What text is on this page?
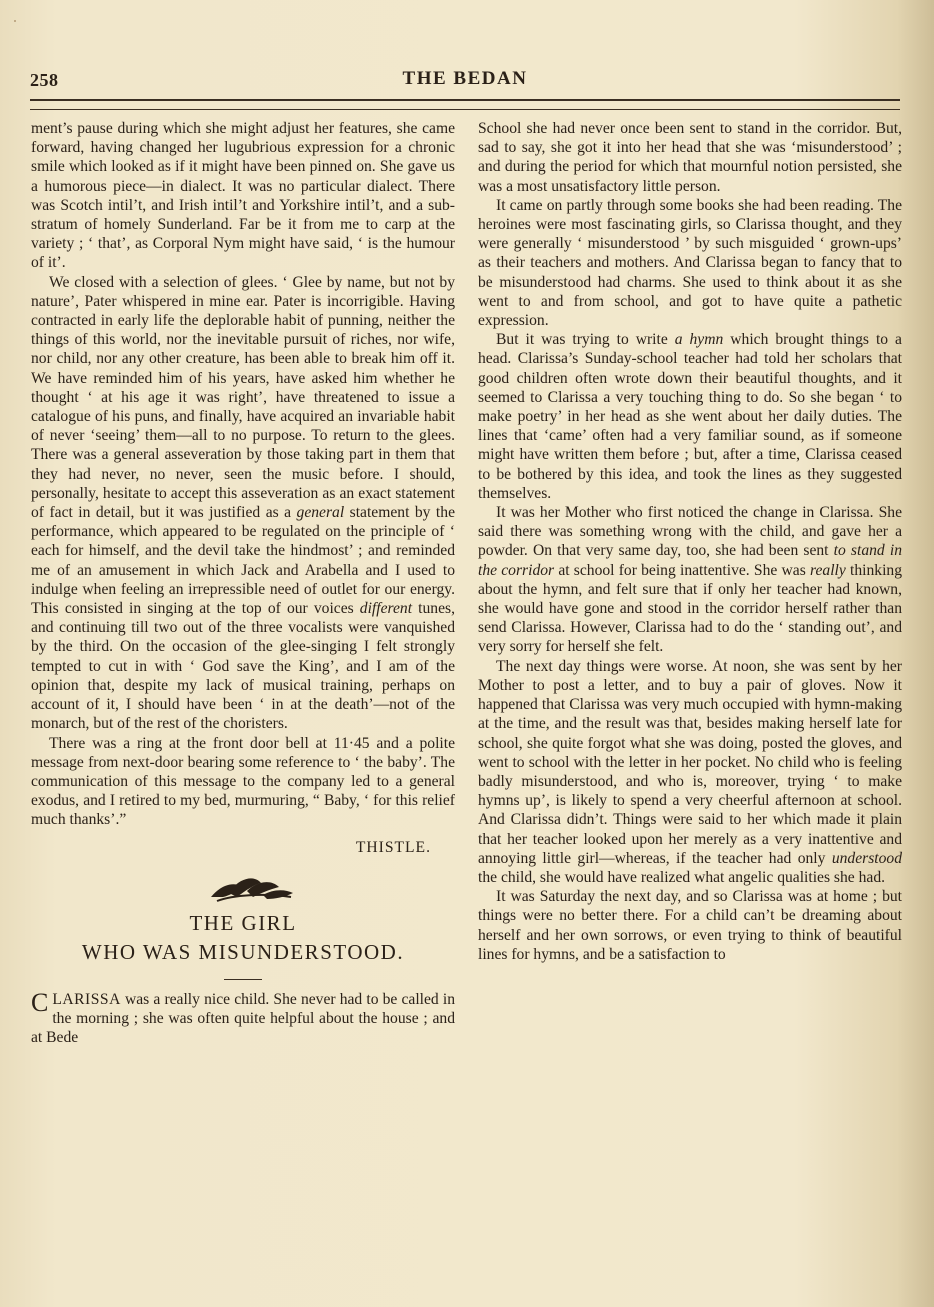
258	THE BEDAN

ment’s pause during which she might adjust her features, she came forward, having changed her lugubrious expression for a chronic smile which looked as if it might have been pinned on. She gave us a humorous piece—in dialect. It was no particular dialect. There was Scotch intil’t, and Irish intil’t and Yorkshire intil’t, and a substratum of homely Sunderland. Far be it from me to carp at the variety ; ‘ that’, as Corporal Nym might have said, ‘ is the humour of it’.

We closed with a selection of glees. ‘ Glee by name, but not by nature’, Pater whispered in mine ear. Pater is incorrigible. Having contracted in early life the deplorable habit of punning, neither the things of this world, nor the inevitable pursuit of riches, nor wife, nor child, nor any other creature, has been able to break him off it. We have reminded him of his years, have asked him whether he thought ‘ at his age it was right’, have threatened to issue a catalogue of his puns, and finally, have acquired an invariable habit of never ‘seeing’ them—all to no purpose. To return to the glees. There was a general asseveration by those taking part in them that they had never, no never, seen the music before. I should, personally, hesitate to accept this asseveration as an exact statement of fact in detail, but it was justified as a general statement by the performance, which appeared to be regulated on the principle of ‘ each for himself, and the devil take the hindmost’ ; and reminded me of an amusement in which Jack and Arabella and I used to indulge when feeling an irrepressible need of outlet for our energy. This consisted in singing at the top of our voices different tunes, and continuing till two out of the three vocalists were vanquished by the third. On the occasion of the glee-singing I felt strongly tempted to cut in with ‘ God save the King’, and I am of the opinion that, despite my lack of musical training, perhaps on account of it, I should have been ‘ in at the death’—not of the monarch, but of the rest of the choristers.

There was a ring at the front door bell at 11·45 and a polite message from next-door bearing some reference to ‘ the baby’. The communication of this message to the company led to a general exodus, and I retired to my bed, murmuring, “ Baby, ‘ for this relief much thanks’.”

THISTLE.

THE GIRL

WHO WAS MISUNDERSTOOD.

CLARISSA was a really nice child. She never had to be called in the morning ; she was often quite helpful about the house ; and at Bede

School she had never once been sent to stand in the corridor. But, sad to say, she got it into her head that she was ‘misunderstood’ ; and during the period for which that mournful notion persisted, she was a most unsatisfactory little person.

It came on partly through some books she had been reading. The heroines were most fascinating girls, so Clarissa thought, and they were generally ‘ misunderstood ’ by such misguided ‘ grown-ups’ as their teachers and mothers. And Clarissa began to fancy that to be misunderstood had charms. She used to think about it as she went to and from school, and got to have quite a pathetic expression.

But it was trying to write a hymn which brought things to a head. Clarissa’s Sunday-school teacher had told her scholars that good children often wrote down their beautiful thoughts, and it seemed to Clarissa a very touching thing to do. So she began ‘ to make poetry’ in her head as she went about her daily duties. The lines that ‘came’ often had a very familiar sound, as if someone might have written them before ; but, after a time, Clarissa ceased to be bothered by this idea, and took the lines as they suggested themselves.

It was her Mother who first noticed the change in Clarissa. She said there was something wrong with the child, and gave her a powder. On that very same day, too, she had been sent to stand in the corridor at school for being inattentive. She was really thinking about the hymn, and felt sure that if only her teacher had known, she would have gone and stood in the corridor herself rather than send Clarissa. However, Clarissa had to do the ‘ standing out’, and very sorry for herself she felt.

The next day things were worse. At noon, she was sent by her Mother to post a letter, and to buy a pair of gloves. Now it happened that Clarissa was very much occupied with hymn-making at the time, and the result was that, besides making herself late for school, she quite forgot what she was doing, posted the gloves, and went to school with the letter in her pocket. No child who is feeling badly misunderstood, and who is, moreover, trying ‘ to make hymns up’, is likely to spend a very cheerful afternoon at school. And Clarissa didn’t. Things were said to her which made it plain that her teacher looked upon her merely as a very inattentive and annoying little girl—whereas, if the teacher had only understood the child, she would have realized what angelic qualities she had.

It was Saturday the next day, and so Clarissa was at home ; but things were no better there. For a child can’t be dreaming about herself and her own sorrows, or even trying to think of beautiful lines for hymns, and be a satisfaction to
